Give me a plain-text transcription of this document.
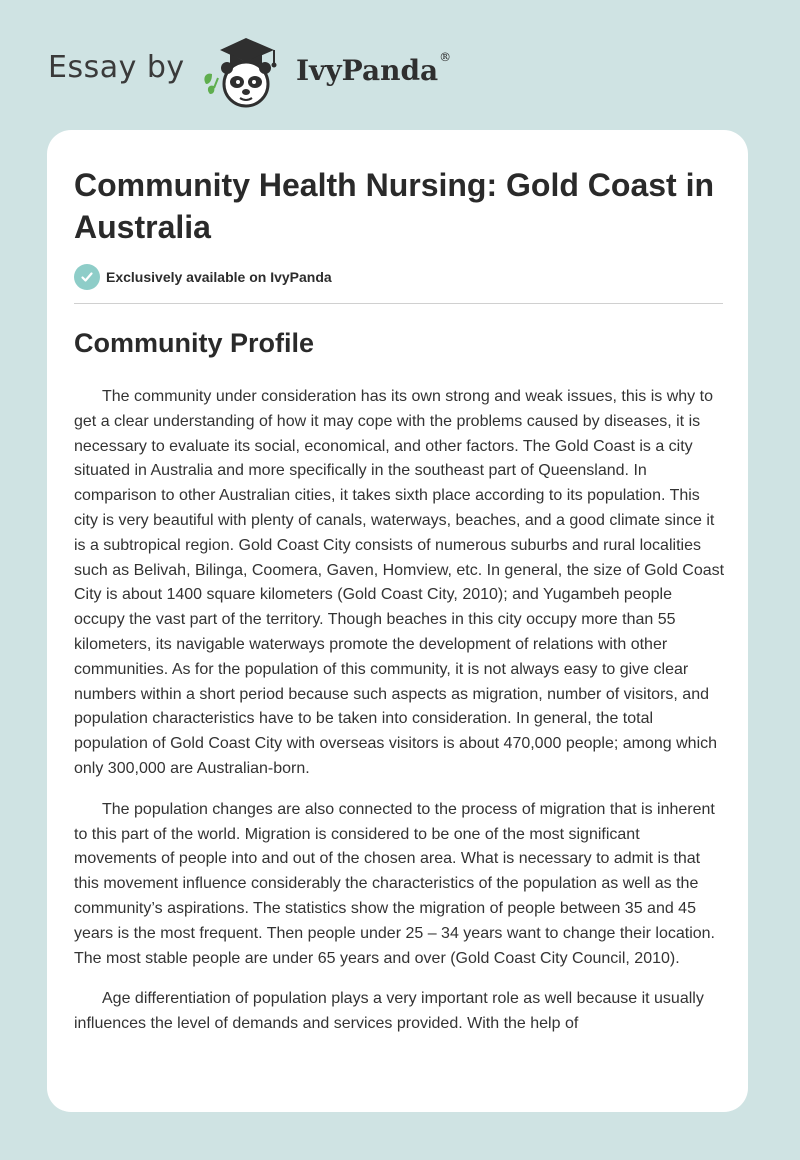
Essay by	IvyPanda®
Community Health Nursing: Gold Coast in Australia
Exclusively available on IvyPanda
Community Profile

The community under consideration has its own strong and weak issues, this is why to get a clear understanding of how it may cope with the problems caused by diseases, it is necessary to evaluate its social, economical, and other factors. The Gold Coast is a city situated in Australia and more specifically in the southeast part of Queensland. In comparison to other Australian cities, it takes sixth place according to its population. This city is very beautiful with plenty of canals, waterways, beaches, and a good climate since it is a subtropical region. Gold Coast City consists of numerous suburbs and rural localities such as Belivah, Bilinga, Coomera, Gaven, Homview, etc. In general, the size of Gold Coast City is about 1400 square kilometers (Gold Coast City, 2010); and Yugambeh people occupy the vast part of the territory. Though beaches in this city occupy more than 55 kilometers, its navigable waterways promote the development of relations with other communities. As for the population of this community, it is not always easy to give clear numbers within a short period because such aspects as migration, number of visitors, and population characteristics have to be taken into consideration. In general, the total population of Gold Coast City with overseas visitors is about 470,000 people; among which only 300,000 are Australian-born.

The population changes are also connected to the process of migration that is inherent to this part of the world. Migration is considered to be one of the most significant movements of people into and out of the chosen area. What is necessary to admit is that this movement influence considerably the characteristics of the population as well as the community’s aspirations. The statistics show the migration of people between 35 and 45 years is the most frequent. Then people under 25 – 34 years want to change their location. The most stable people are under 65 years and over (Gold Coast City Council, 2010).

Age differentiation of population plays a very important role as well because it usually influences the level of demands and services provided. With the help of
